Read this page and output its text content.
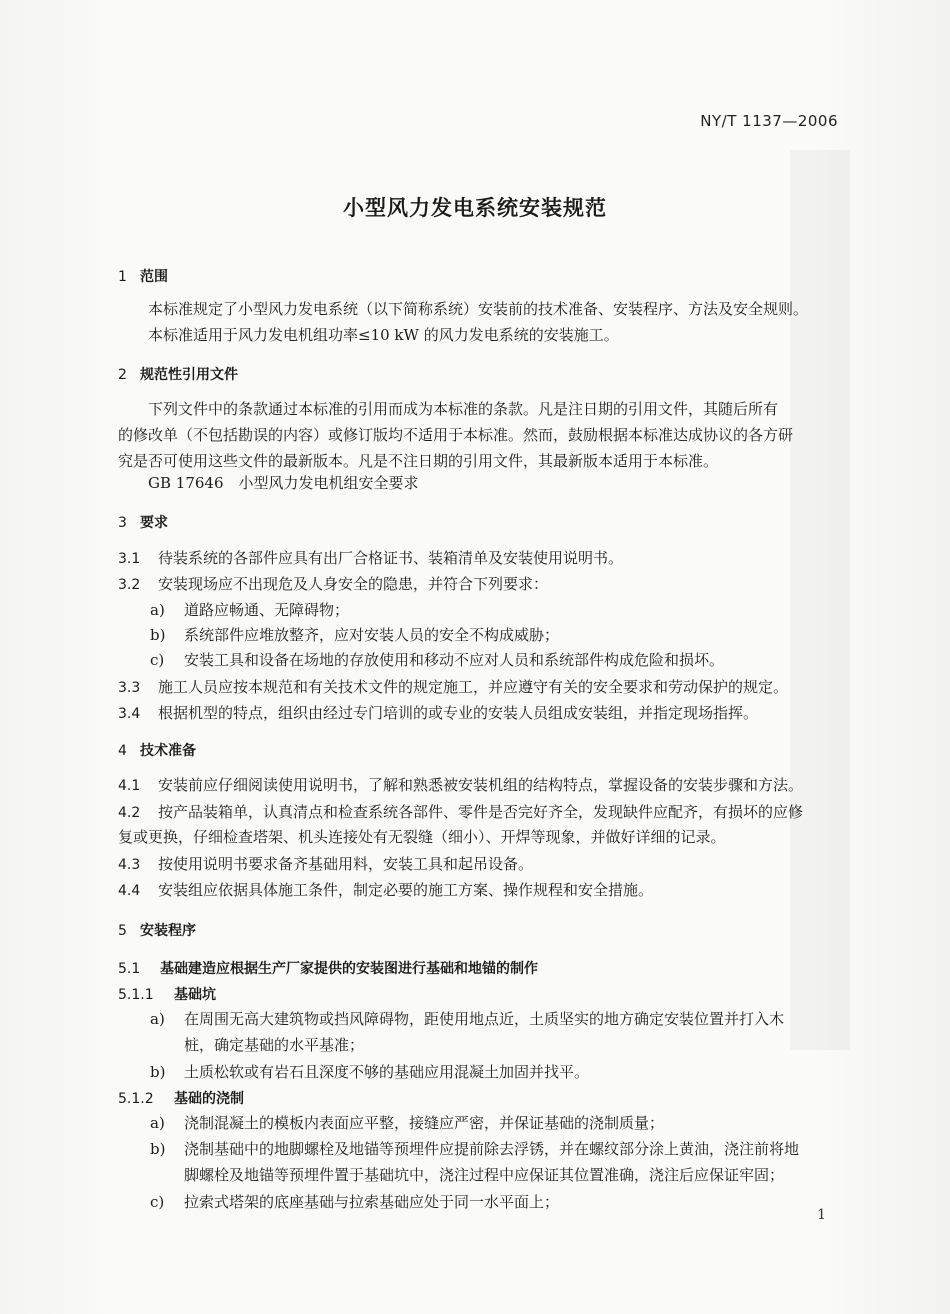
NY/T 1137—2006
小型风力发电系统安装规范
1 范围
本标准规定了小型风力发电系统（以下简称系统）安装前的技术准备、安装程序、方法及安全规则。
本标准适用于风力发电机组功率≤10 kW 的风力发电系统的安装施工。
2 规范性引用文件
下列文件中的条款通过本标准的引用而成为本标准的条款。凡是注日期的引用文件，其随后所有
的修改单（不包括勘误的内容）或修订版均不适用于本标准。然而，鼓励根据本标准达成协议的各方研
究是否可使用这些文件的最新版本。凡是不注日期的引用文件，其最新版本适用于本标准。
GB 17646　小型风力发电机组安全要求
3 要求
3.1 待装系统的各部件应具有出厂合格证书、装箱清单及安装使用说明书。
3.2 安装现场应不出现危及人身安全的隐患，并符合下列要求：
a)	道路应畅通、无障碍物；
b)	系统部件应堆放整齐，应对安装人员的安全不构成威胁；
c)	安装工具和设备在场地的存放使用和移动不应对人员和系统部件构成危险和损坏。
3.3 施工人员应按本规范和有关技术文件的规定施工，并应遵守有关的安全要求和劳动保护的规定。
3.4 根据机型的特点，组织由经过专门培训的或专业的安装人员组成安装组，并指定现场指挥。
4 技术准备
4.1 安装前应仔细阅读使用说明书，了解和熟悉被安装机组的结构特点，掌握设备的安装步骤和方法。
4.2 按产品装箱单，认真清点和检查系统各部件、零件是否完好齐全，发现缺件应配齐，有损坏的应修
复或更换，仔细检查塔架、机头连接处有无裂缝（细小）、开焊等现象，并做好详细的记录。
4.3 按使用说明书要求备齐基础用料，安装工具和起吊设备。
4.4 安装组应依据具体施工条件，制定必要的施工方案、操作规程和安全措施。
5 安装程序
5.1 基础建造应根据生产厂家提供的安装图进行基础和地锚的制作
5.1.1 基础坑
a)	在周围无高大建筑物或挡风障碍物，距使用地点近，土质坚实的地方确定安装位置并打入木
桩，确定基础的水平基准；
b)	土质松软或有岩石且深度不够的基础应用混凝土加固并找平。
5.1.2 基础的浇制
a)	浇制混凝土的模板内表面应平整，接缝应严密，并保证基础的浇制质量；
b)	浇制基础中的地脚螺栓及地锚等预埋件应提前除去浮锈，并在螺纹部分涂上黄油，浇注前将地
脚螺栓及地锚等预埋件置于基础坑中，浇注过程中应保证其位置准确，浇注后应保证牢固；
c)	拉索式塔架的底座基础与拉索基础应处于同一水平面上；
1
